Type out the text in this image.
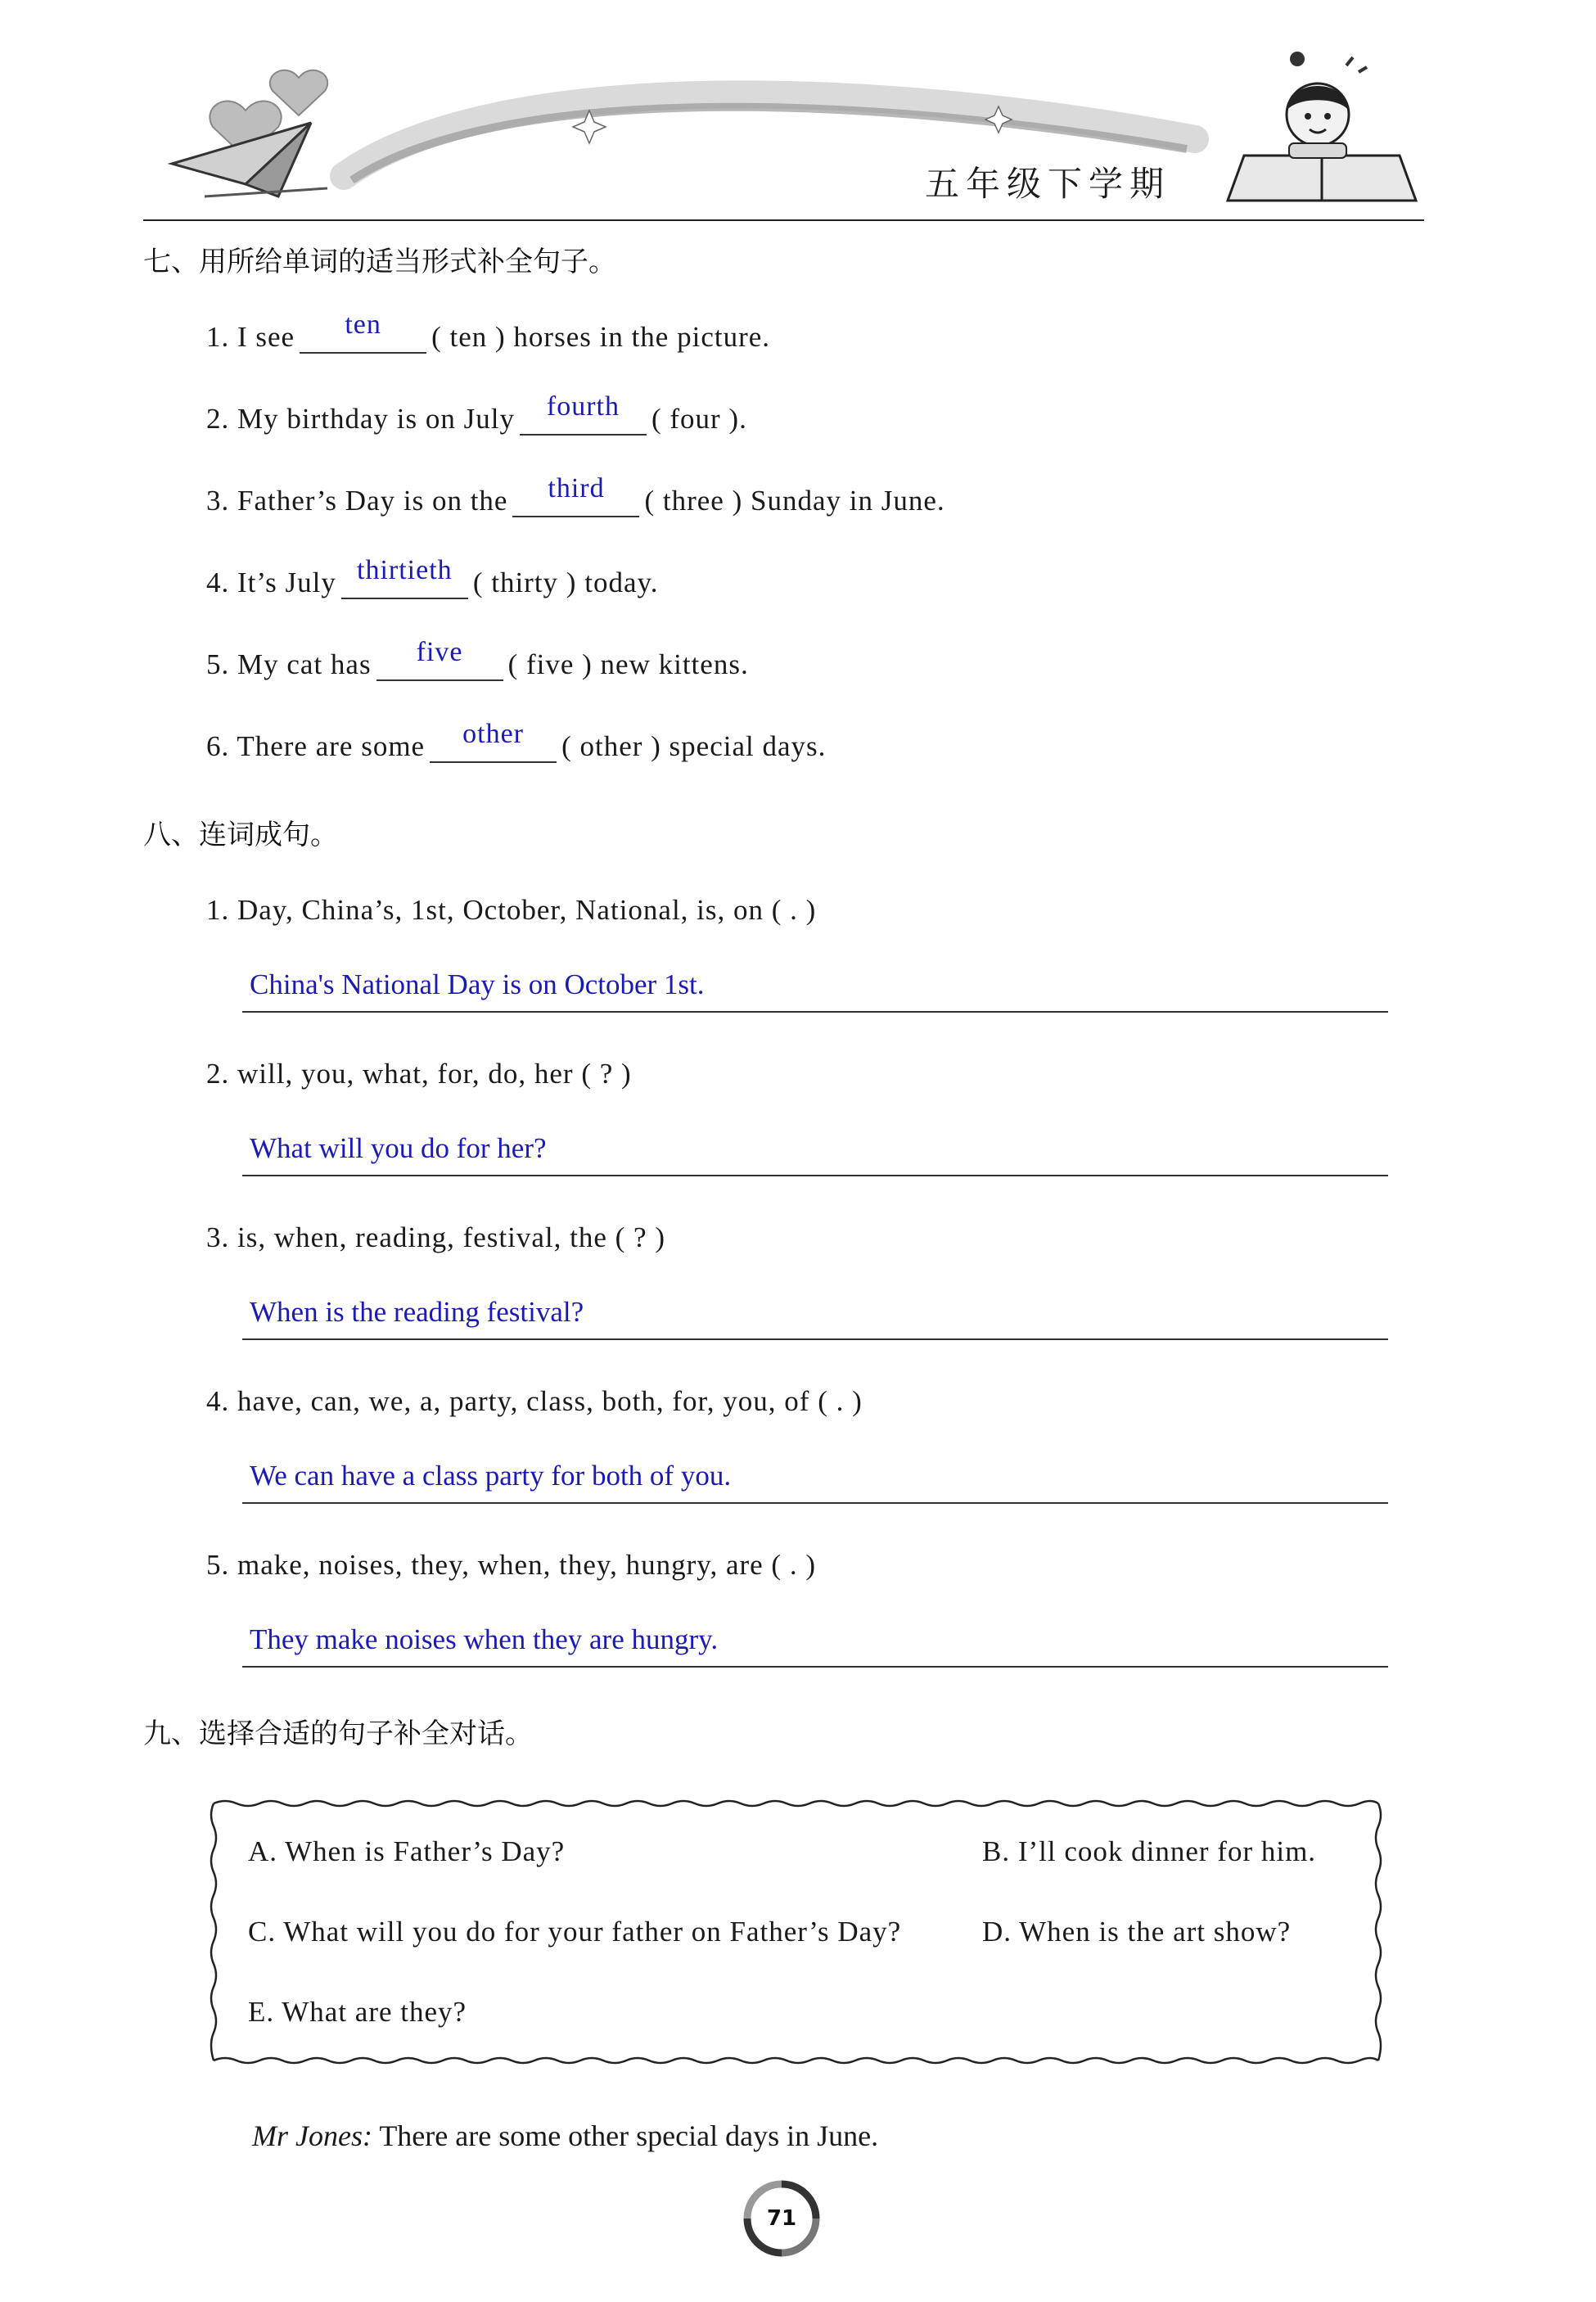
五年级下学期
七、用所给单词的适当形式补全句子。
1. I see	ten	( ten ) horses in the picture.
2. My birthday is on July	fourth	( four ).
3. Father’s Day is on the	third	( three ) Sunday in June.
4. It’s July thirtieth ( thirty ) today.
5. My cat has	five	( five ) new kittens.
6. There are some	other	( other ) special days.
八、连词成句。
1. Day, China’s, 1st, October, National, is, on ( . )
China's National Day is on October 1st.
2. will, you, what, for, do, her ( ? )
What will you do for her?
3. is, when, reading, festival, the ( ? )
When is the reading festival?
4. have, can, we, a, party, class, both, for, you, of ( . )
We can have a class party for both of you.
5. make, noises, they, when, they, hungry, are ( . )
They make noises when they are hungry.
九、选择合适的句子补全对话。
A. When is Father’s Day?	B. I’ll cook dinner for him.
C. What will you do for your father on Father’s Day?	D. When is the art show?
E. What are they?
Mr Jones: There are some other special days in June.
71
